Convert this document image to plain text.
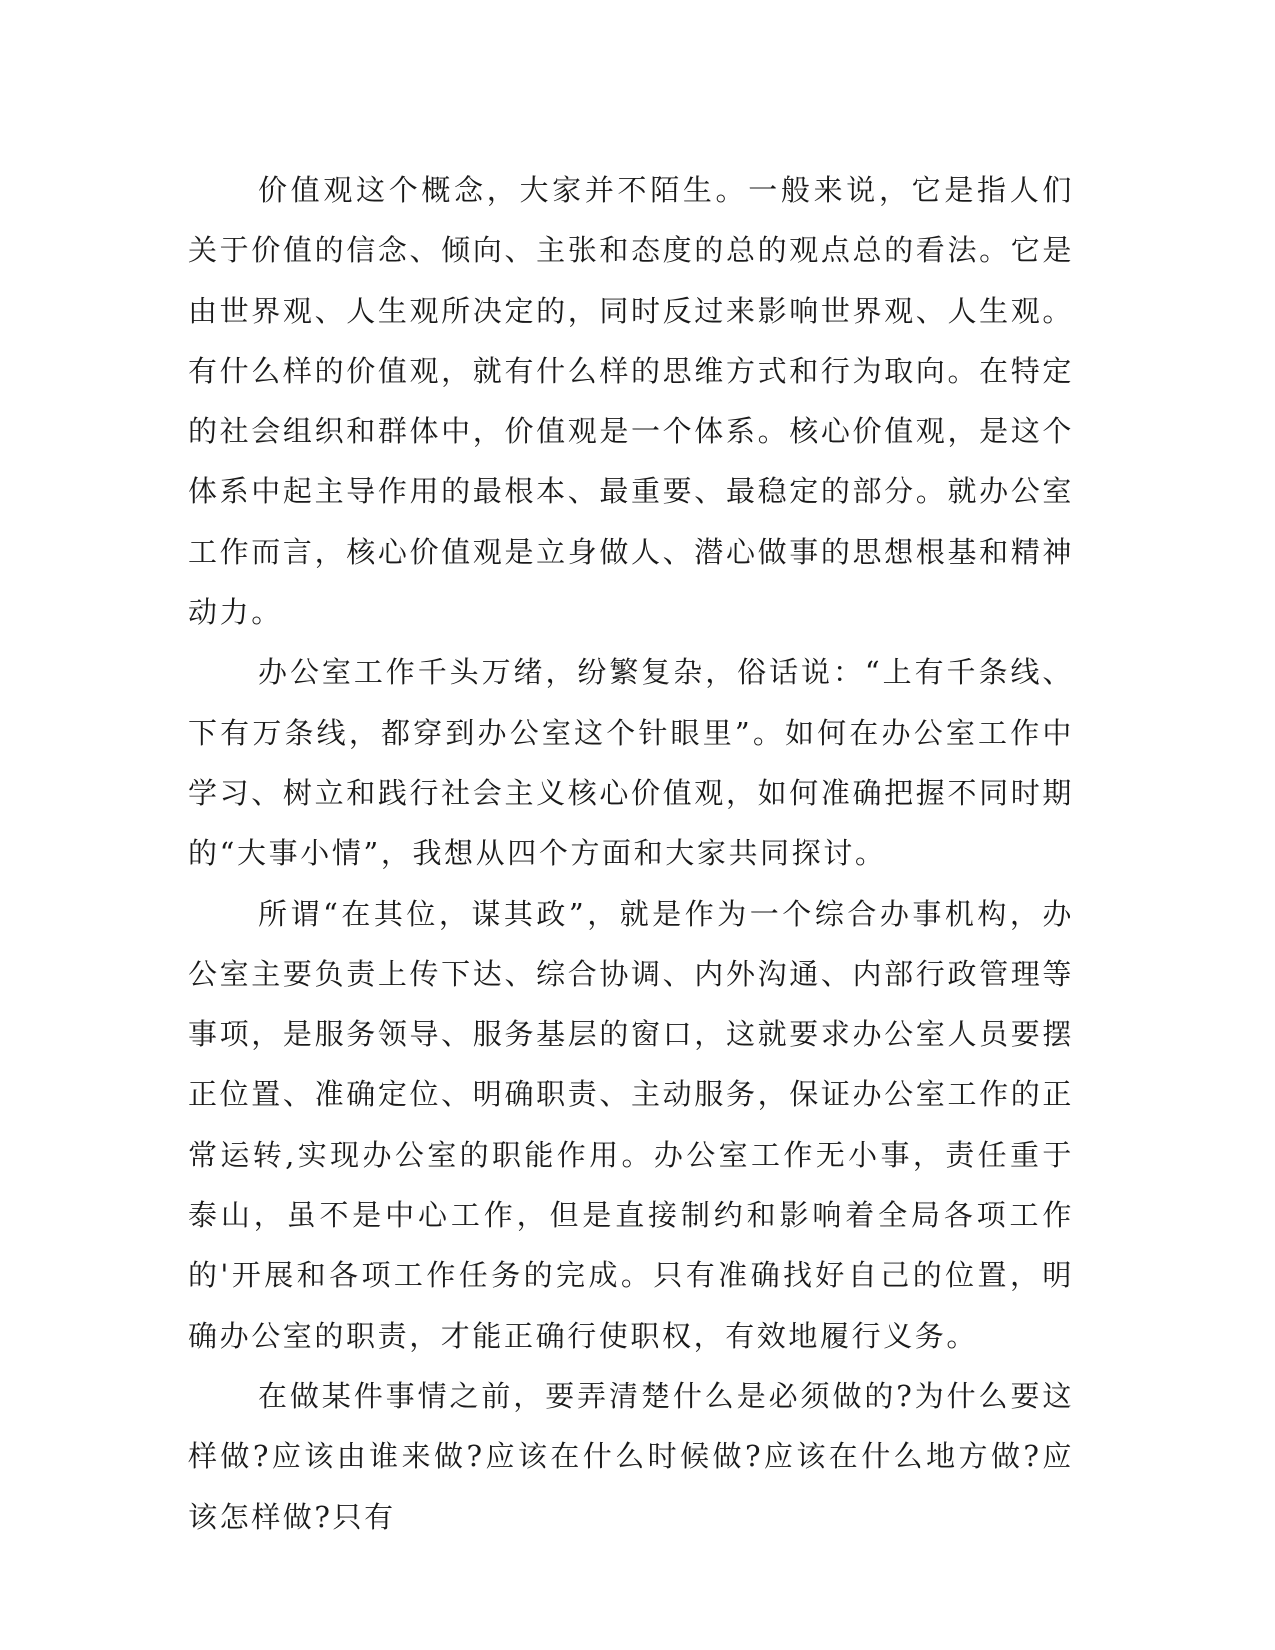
价值观这个概念，大家并不陌生。一般来说，它是指人们关于价值的信念、倾向、主张和态度的总的观点总的看法。它是由世界观、人生观所决定的，同时反过来影响世界观、人生观。有什么样的价值观，就有什么样的思维方式和行为取向。在特定的社会组织和群体中，价值观是一个体系。核心价值观，是这个体系中起主导作用的最根本、最重要、最稳定的部分。就办公室工作而言，核心价值观是立身做人、潜心做事的思想根基和精神动力。

办公室工作千头万绪，纷繁复杂，俗话说：“上有千条线、下有万条线，都穿到办公室这个针眼里”。如何在办公室工作中学习、树立和践行社会主义核心价值观，如何准确把握不同时期的“大事小情”，我想从四个方面和大家共同探讨。

所谓“在其位，谋其政”，就是作为一个综合办事机构，办公室主要负责上传下达、综合协调、内外沟通、内部行政管理等事项，是服务领导、服务基层的窗口，这就要求办公室人员要摆正位置、准确定位、明确职责、主动服务，保证办公室工作的正常运转,实现办公室的职能作用。办公室工作无小事，责任重于泰山，虽不是中心工作，但是直接制约和影响着全局各项工作的'开展和各项工作任务的完成。只有准确找好自己的位置，明确办公室的职责，才能正确行使职权，有效地履行义务。

在做某件事情之前，要弄清楚什么是必须做的?为什么要这样做?应该由谁来做?应该在什么时候做?应该在什么地方做?应该怎样做?只有
